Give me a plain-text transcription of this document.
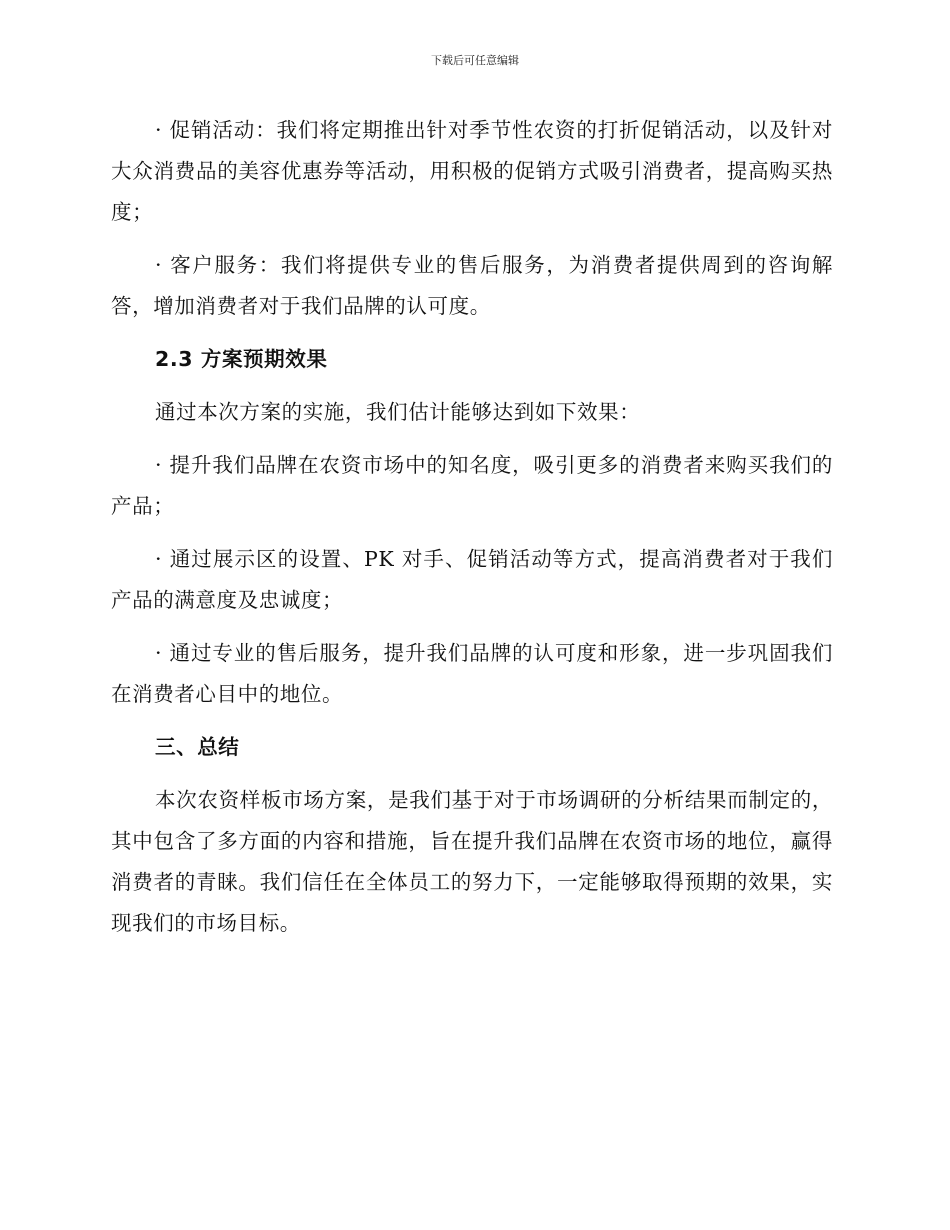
下载后可任意编辑

· 促销活动：我们将定期推出针对季节性农资的打折促销活动，以及针对大众消费品的美容优惠券等活动，用积极的促销方式吸引消费者，提高购买热度；

· 客户服务：我们将提供专业的售后服务，为消费者提供周到的咨询解答，增加消费者对于我们品牌的认可度。

2.3 方案预期效果

通过本次方案的实施，我们估计能够达到如下效果：

· 提升我们品牌在农资市场中的知名度，吸引更多的消费者来购买我们的产品；

· 通过展示区的设置、PK 对手、促销活动等方式，提高消费者对于我们产品的满意度及忠诚度；

· 通过专业的售后服务，提升我们品牌的认可度和形象，进一步巩固我们在消费者心目中的地位。

三、总结

本次农资样板市场方案，是我们基于对于市场调研的分析结果而制定的，其中包含了多方面的内容和措施，旨在提升我们品牌在农资市场的地位，赢得消费者的青睐。我们信任在全体员工的努力下，一定能够取得预期的效果，实现我们的市场目标。
